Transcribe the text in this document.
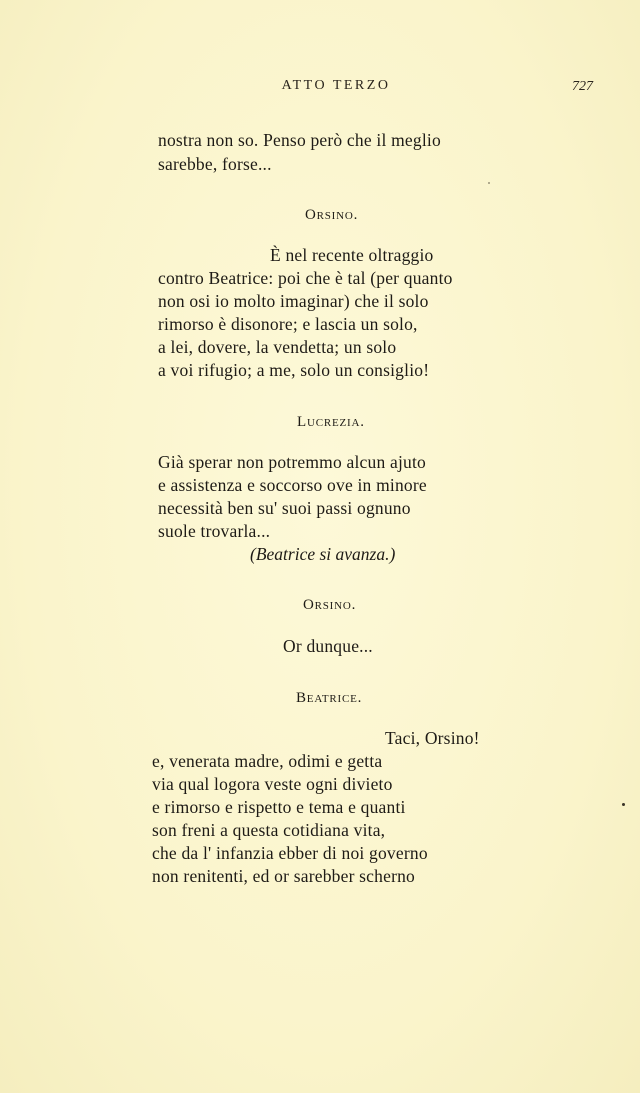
ATTO TERZO	727
nostra non so. Penso però che il meglio
sarebbe, forse...
Orsino.
È nel recente oltraggio
contro Beatrice: poi che è tal (per quanto
non osi io molto imaginar) che il solo
rimorso è disonore; e lascia un solo,
a lei, dovere, la vendetta; un solo
a voi rifugio; a me, solo un consiglio!
Lucrezia.
Già sperar non potremmo alcun ajuto
e assistenza e soccorso ove in minore
necessità ben su' suoi passi ognuno
suole trovarla...
(Beatrice si avanza.)
Orsino.
Or dunque...
Beatrice.
Taci, Orsino!
e, venerata madre, odimi e getta
via qual logora veste ogni divieto
e rimorso e rispetto e tema e quanti
son freni a questa cotidiana vita,
che da l' infanzia ebber di noi governo
non renitenti, ed or sarebber scherno
